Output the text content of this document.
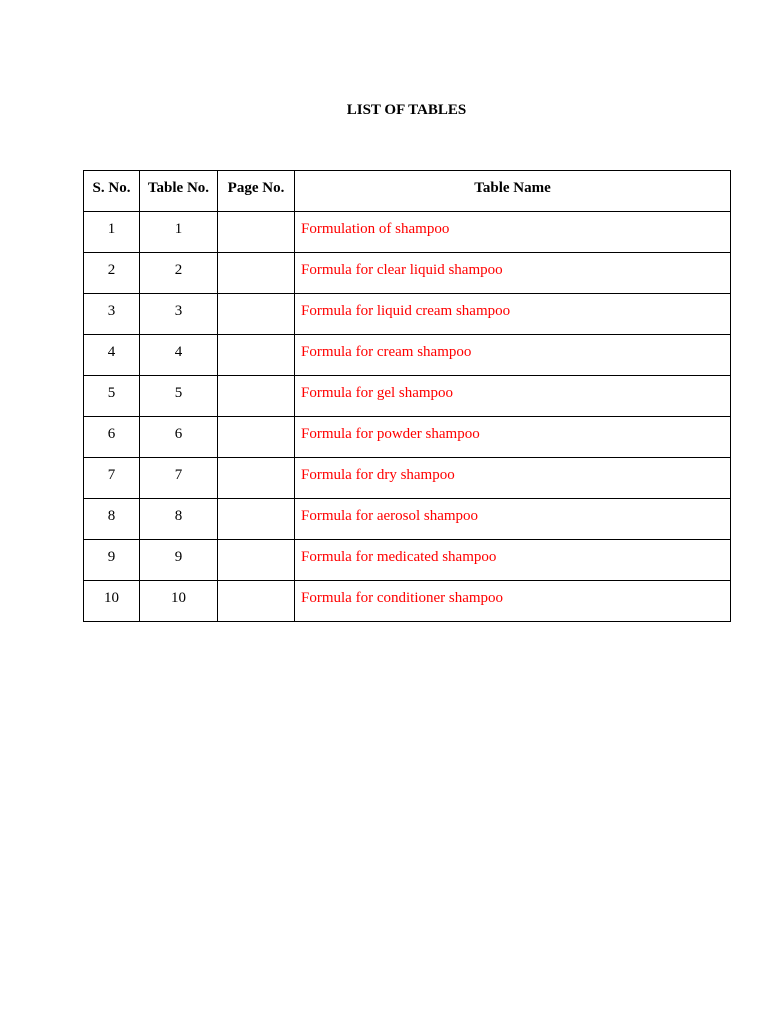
LIST OF TABLES
S. No.	Table No.	Page No.	Table Name
1	1		Formulation of shampoo
2	2		Formula for clear liquid shampoo
3	3		Formula for liquid cream shampoo
4	4		Formula for cream shampoo
5	5		Formula for gel shampoo
6	6		Formula for powder shampoo
7	7		Formula for dry shampoo
8	8		Formula for aerosol shampoo
9	9		Formula for medicated shampoo
10	10		Formula for conditioner shampoo
